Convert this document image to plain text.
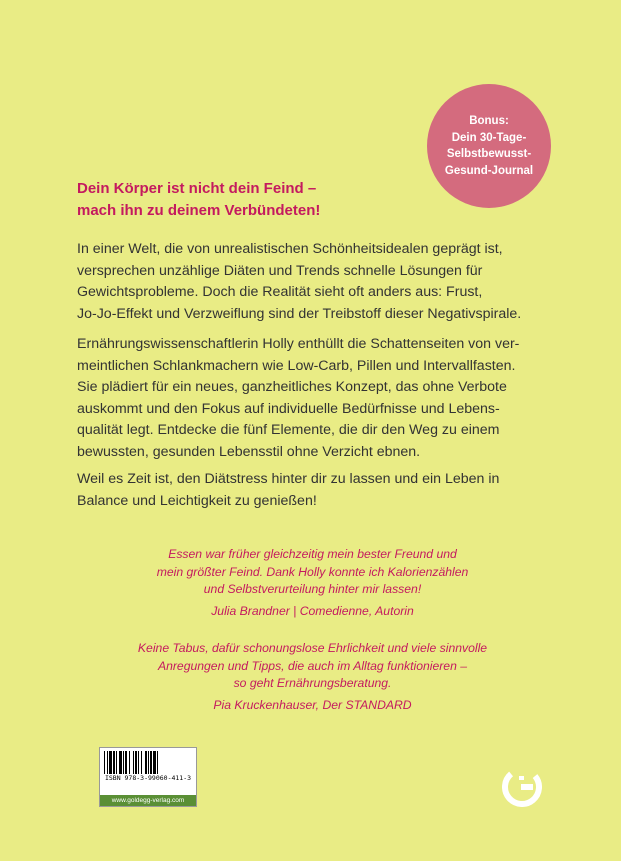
Bonus:
Dein 30-Tage-
Selbstbewusst-
Gesund-Journal

Dein Körper ist nicht dein Feind –
mach ihn zu deinem Verbündeten!

In einer Welt, die von unrealistischen Schönheitsidealen geprägt ist,
versprechen unzählige Diäten und Trends schnelle Lösungen für
Gewichtsprobleme. Doch die Realität sieht oft anders aus: Frust,
Jo-Jo-Effekt und Verzweiflung sind der Treibstoff dieser Negativspirale.

Ernährungswissenschaftlerin Holly enthüllt die Schattenseiten von ver-
meintlichen Schlankmachern wie Low-Carb, Pillen und Intervallfasten.
Sie plädiert für ein neues, ganzheitliches Konzept, das ohne Verbote
auskommt und den Fokus auf individuelle Bedürfnisse und Lebens-
qualität legt. Entdecke die fünf Elemente, die dir den Weg zu einem
bewussten, gesunden Lebensstil ohne Verzicht ebnen.

Weil es Zeit ist, den Diätstress hinter dir zu lassen und ein Leben in
Balance und Leichtigkeit zu genießen!

Essen war früher gleichzeitig mein bester Freund und
mein größter Feind. Dank Holly konnte ich Kalorienzählen
und Selbstverurteilung hinter mir lassen!
Julia Brandner | Comedienne, Autorin

Keine Tabus, dafür schonungslose Ehrlichkeit und viele sinnvolle
Anregungen und Tipps, die auch im Alltag funktionieren –
so geht Ernährungsberatung.
Pia Kruckenhauser, Der STANDARD

ISBN 978-3-99060-411-3
www.goldegg-verlag.com
